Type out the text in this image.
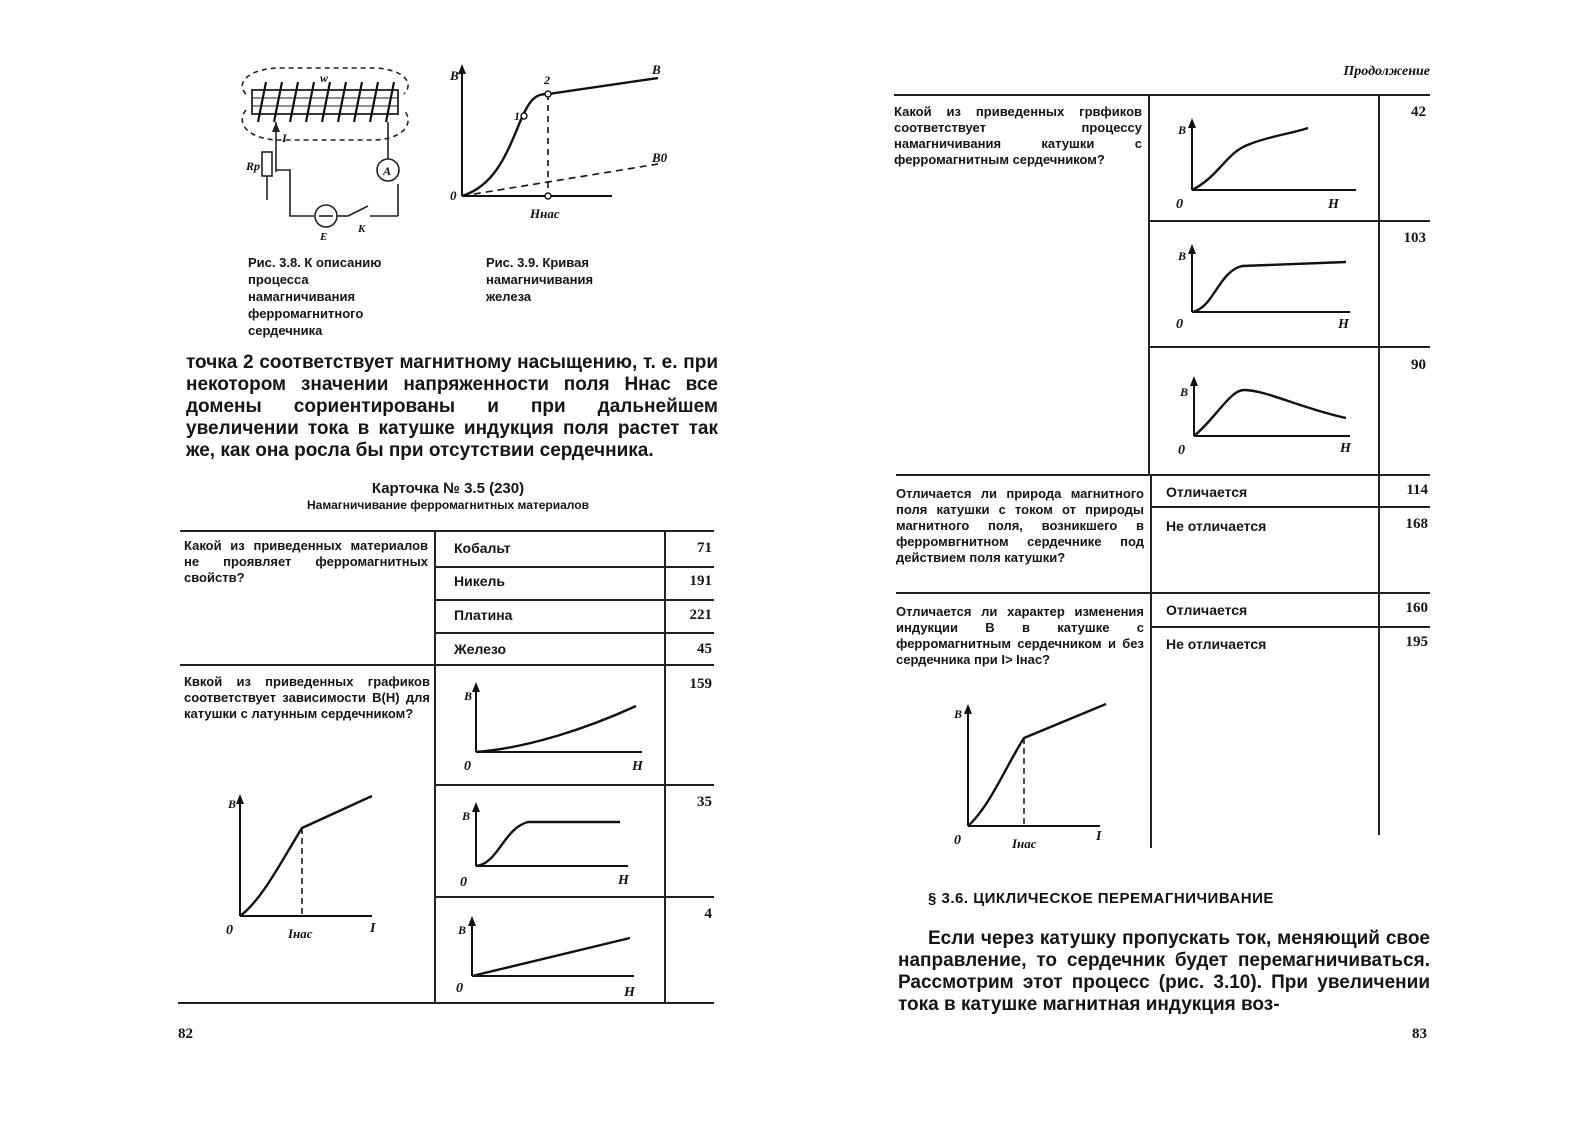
w
I
Rр
E
K
A
Рис. 3.8. К описанию процесса намагничивания ферромагнитного сердечника
B
0
1
2
B
B0
Hнас
Рис. 3.9. Кривая намагничивания железа
точка 2 соответствует магнитному насыщению, т. е. при некотором значении напряженности поля Hнас все домены сориентированы и при дальнейшем увеличении тока в катушке индукция поля растет так же, как она росла бы при отсутствии сердечника.
Карточка № 3.5 (230)
Намагничивание ферромагнитных материалов
Какой из приведенных материалов не проявляет ферромагнитных свойств?
Кобальт	71
Никель	191
Платина	221
Железо	45
Квкой из приведенных графиков соответствует зависимости B(H) для катушки с латунным сердечником?
B
0	Iнас	I
B
0	H
159
B
0	H
35
B
0	H
4
82
Продолжение
Какой из приведенных грвфиков соответствует процессу намагничивания катушки с ферромагнитным сердечником?
B
0	H
42
B
0	H
103
B
0	H
90
Отличается ли природа магнитного поля катушки с током от природы магнитного поля, возникшего в ферромвгнитном сердечнике под действием поля катушки?
Отличается	114
Не отличается	168
Отличается ли характер изменения индукции B в катушке с ферромагнитным сердечником и без сердечника при I> Iнас?
Отличается	160
Не отличается	195
B
0	Iнас	I
§ 3.6. ЦИКЛИЧЕСКОЕ ПЕРЕМАГНИЧИВАНИЕ
Если через катушку пропускать ток, меняющий свое направление, то сердечник будет перемагничиваться. Рассмотрим этот процесс (рис. 3.10). При увеличении тока в катушке магнитная индукция воз-
83
